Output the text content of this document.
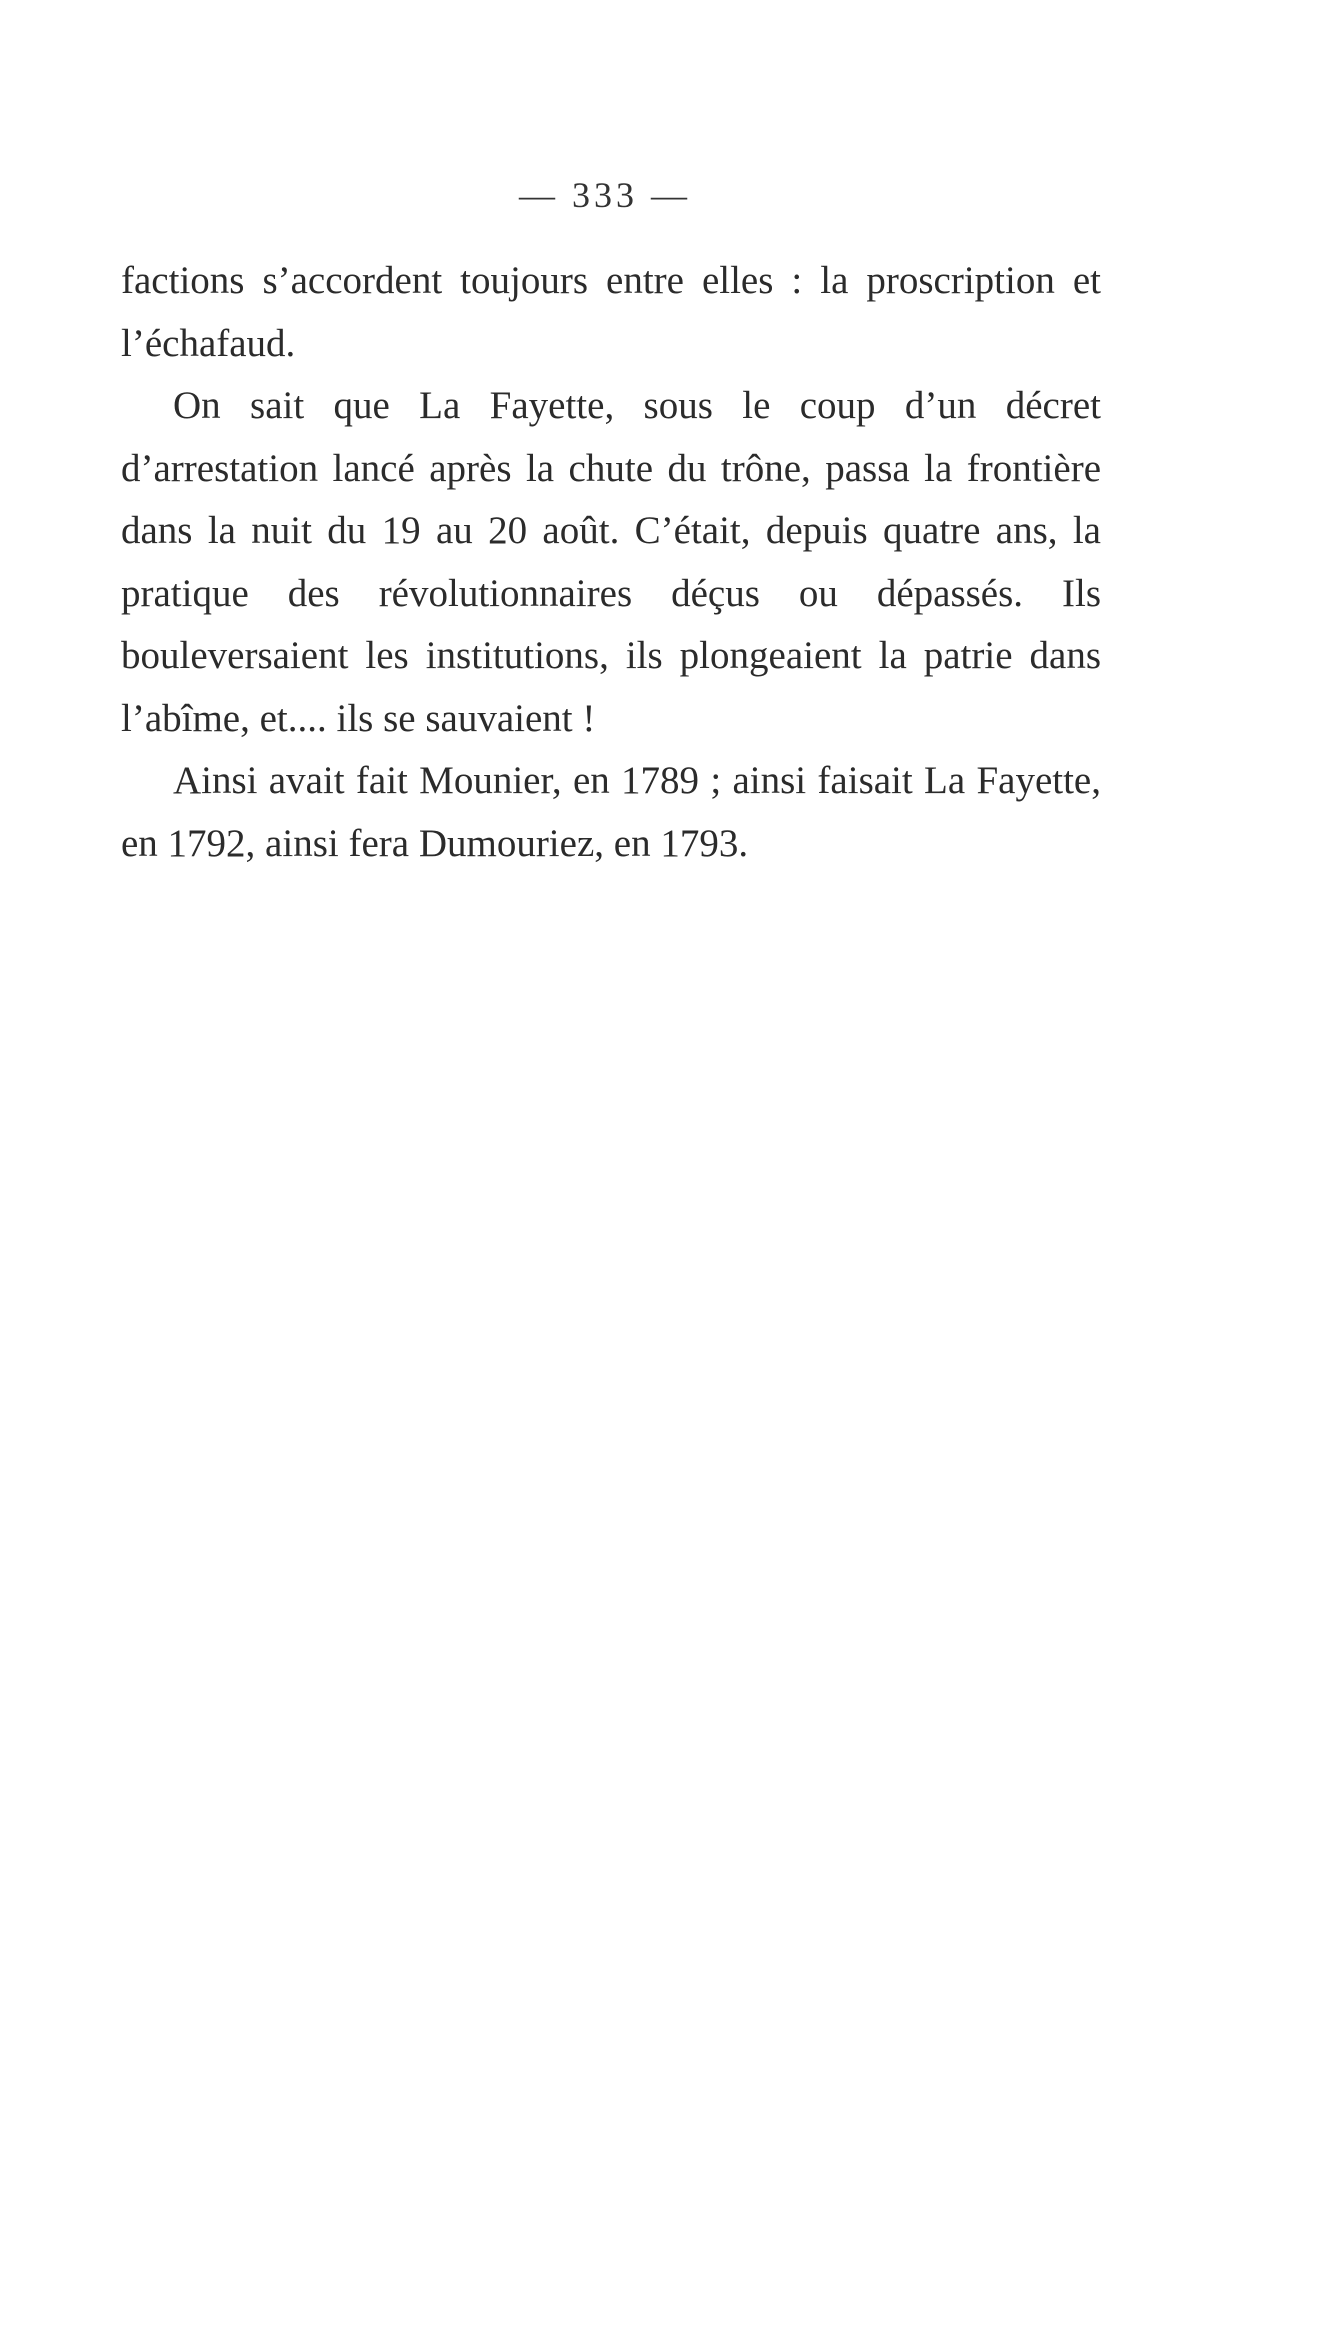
— 333 —

factions s’accordent toujours entre elles : la proscription et l’échafaud.

On sait que La Fayette, sous le coup d’un décret d’arrestation lancé après la chute du trône, passa la frontière dans la nuit du 19 au 20 août. C’était, depuis quatre ans, la pratique des révolutionnaires déçus ou dépassés. Ils bouleversaient les institutions, ils plongeaient la patrie dans l’abîme, et.... ils se sauvaient !

Ainsi avait fait Mounier, en 1789 ; ainsi faisait La Fayette, en 1792, ainsi fera Dumouriez, en 1793.
